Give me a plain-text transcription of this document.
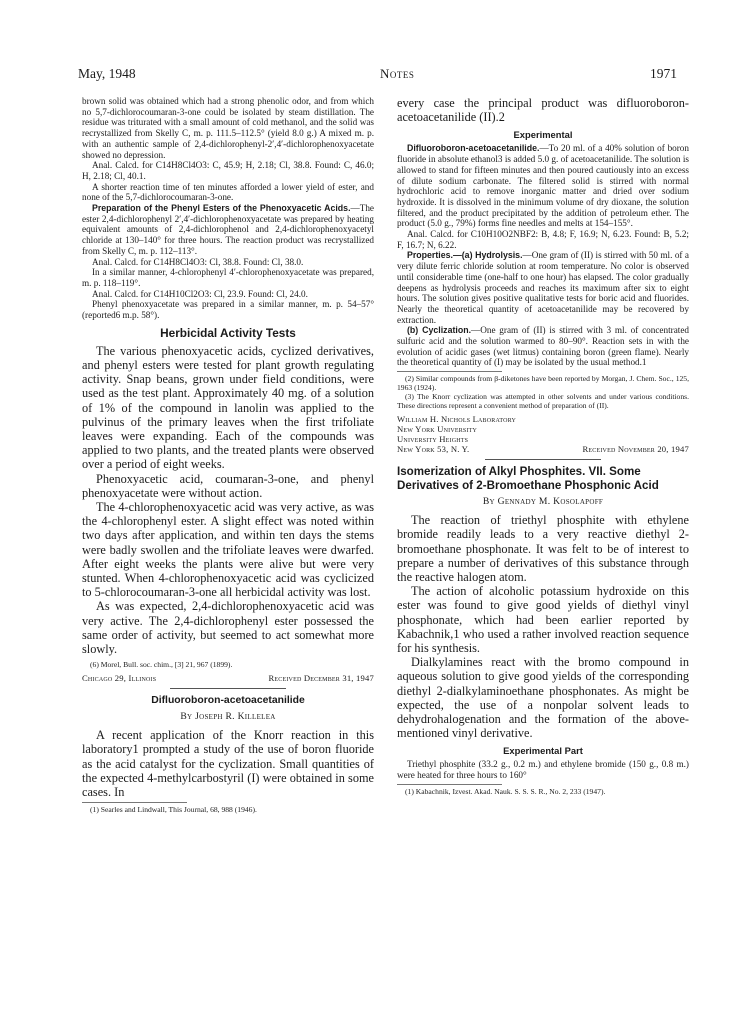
May, 1948	Notes	1971

brown solid was obtained which had a strong phenolic odor, and from which no 5,7-dichlorocoumaran-3-one could be isolated by steam distillation. The residue was triturated with a small amount of cold methanol, and the solid was recrystallized from Skelly C, m. p. 111.5–112.5° (yield 8.0 g.) A mixed m. p. with an authentic sample of 2,4-dichlorophenyl-2′,4′-dichlorophenoxyacetate showed no depression.

Anal. Calcd. for C14H8Cl4O3: C, 45.9; H, 2.18; Cl, 38.8. Found: C, 46.0; H, 2.18; Cl, 40.1.

A shorter reaction time of ten minutes afforded a lower yield of ester, and none of the 5,7-dichlorocoumaran-3-one.

Preparation of the Phenyl Esters of the Phenoxyacetic Acids.—The ester 2,4-dichlorophenyl 2′,4′-dichlorophenoxyacetate was prepared by heating equivalent amounts of 2,4-dichlorophenol and 2,4-dichlorophenoxyacetyl chloride at 130–140° for three hours. The reaction product was recrystallized from Skelly C, m. p. 112–113°.

Anal. Calcd. for C14H8Cl4O3: Cl, 38.8. Found: Cl, 38.0.

In a similar manner, 4-chlorophenyl 4′-chlorophenoxyacetate was prepared, m. p. 118–119°.

Anal. Calcd. for C14H10Cl2O3: Cl, 23.9. Found: Cl, 24.0.

Phenyl phenoxyacetate was prepared in a similar manner, m. p. 54–57° (reported6 m.p. 58°).

Herbicidal Activity Tests

The various phenoxyacetic acids, cyclized derivatives, and phenyl esters were tested for plant growth regulating activity. Snap beans, grown under field conditions, were used as the test plant. Approximately 40 mg. of a solution of 1% of the compound in lanolin was applied to the pulvinus of the primary leaves when the first trifoliate leaves were expanding. Each of the compounds was applied to two plants, and the treated plants were observed over a period of eight weeks.

Phenoxyacetic acid, coumaran-3-one, and phenyl phenoxyacetate were without action.

The 4-chlorophenoxyacetic acid was very active, as was the 4-chlorophenyl ester. A slight effect was noted within two days after application, and within ten days the stems were badly swollen and the trifoliate leaves were dwarfed. After eight weeks the plants were alive but were very stunted. When 4-chlorophenoxyacetic acid was cyclicized to 5-chlorocoumaran-3-one all herbicidal activity was lost.

As was expected, 2,4-dichlorophenoxyacetic acid was very active. The 2,4-dichlorophenyl ester possessed the same order of activity, but seemed to act somewhat more slowly.

(6) Morel, Bull. soc. chim., [3] 21, 967 (1899).

Chicago 29, Illinois	Received December 31, 1947
Difluoroboron-acetoacetanilide
By Joseph R. Killelea

A recent application of the Knorr reaction in this laboratory1 prompted a study of the use of boron fluoride as the acid catalyst for the cyclization. Small quantities of the expected 4-methylcarbostyril (I) were obtained in some cases. In

(1) Searles and Lindwall, This Journal, 68, 988 (1946).

every case the principal product was difluoroboron-acetoacetanilide (II).2

Experimental

Difluoroboron-acetoacetanilide.—To 20 ml. of a 40% solution of boron fluoride in absolute ethanol3 is added 5.0 g. of acetoacetanilide. The solution is allowed to stand for fifteen minutes and then poured cautiously into an excess of dilute sodium carbonate. The filtered solid is stirred with normal hydrochloric acid to remove inorganic matter and dried over sodium hydroxide. It is dissolved in the minimum volume of dry dioxane, the solution filtered, and the product precipitated by the addition of petroleum ether. The product (5.0 g., 79%) forms fine needles and melts at 154–155°.

Anal. Calcd. for C10H10O2NBF2: B, 4.8; F, 16.9; N, 6.23. Found: B, 5.2; F, 16.7; N, 6.22.

Properties.—(a) Hydrolysis.—One gram of (II) is stirred with 50 ml. of a very dilute ferric chloride solution at room temperature. No color is observed until considerable time (one-half to one hour) has elapsed. The color gradually deepens as hydrolysis proceeds and reaches its maximum after six to eight hours. The solution gives positive qualitative tests for boric acid and fluorides. Nearly the theoretical quantity of acetoacetanilide may be recovered by extraction.

(b) Cyclization.—One gram of (II) is stirred with 3 ml. of concentrated sulfuric acid and the solution warmed to 80–90°. Reaction sets in with the evolution of acidic gases (wet litmus) containing boron (green flame). Nearly the theoretical quantity of (I) may be isolated by the usual method.1

(2) Similar compounds from β-diketones have been reported by Morgan, J. Chem. Soc., 125, 1963 (1924).

(3) The Knorr cyclization was attempted in other solvents and under various conditions. These directions represent a convenient method of preparation of (II).

William H. Nichols Laboratory
New York University
University Heights
New York 53, N. Y.	Received November 20, 1947
Isomerization of Alkyl Phosphites. VII. Some Derivatives of 2-Bromoethane Phosphonic Acid
By Gennady M. Kosolapoff

The reaction of triethyl phosphite with ethylene bromide readily leads to a very reactive diethyl 2-bromoethane phosphonate. It was felt to be of interest to prepare a number of derivatives of this substance through the reactive halogen atom.

The action of alcoholic potassium hydroxide on this ester was found to give good yields of diethyl vinyl phosphonate, which had been earlier reported by Kabachnik,1 who used a rather involved reaction sequence for his synthesis.

Dialkylamines react with the bromo compound in aqueous solution to give good yields of the corresponding diethyl 2-dialkylaminoethane phosphonates. As might be expected, the use of a nonpolar solvent leads to dehydrohalogenation and the formation of the above-mentioned vinyl derivative.

Experimental Part

Triethyl phosphite (33.2 g., 0.2 m.) and ethylene bromide (150 g., 0.8 m.) were heated for three hours to 160°

(1) Kabachnik, Izvest. Akad. Nauk. S. S. S. R., No. 2, 233 (1947).
